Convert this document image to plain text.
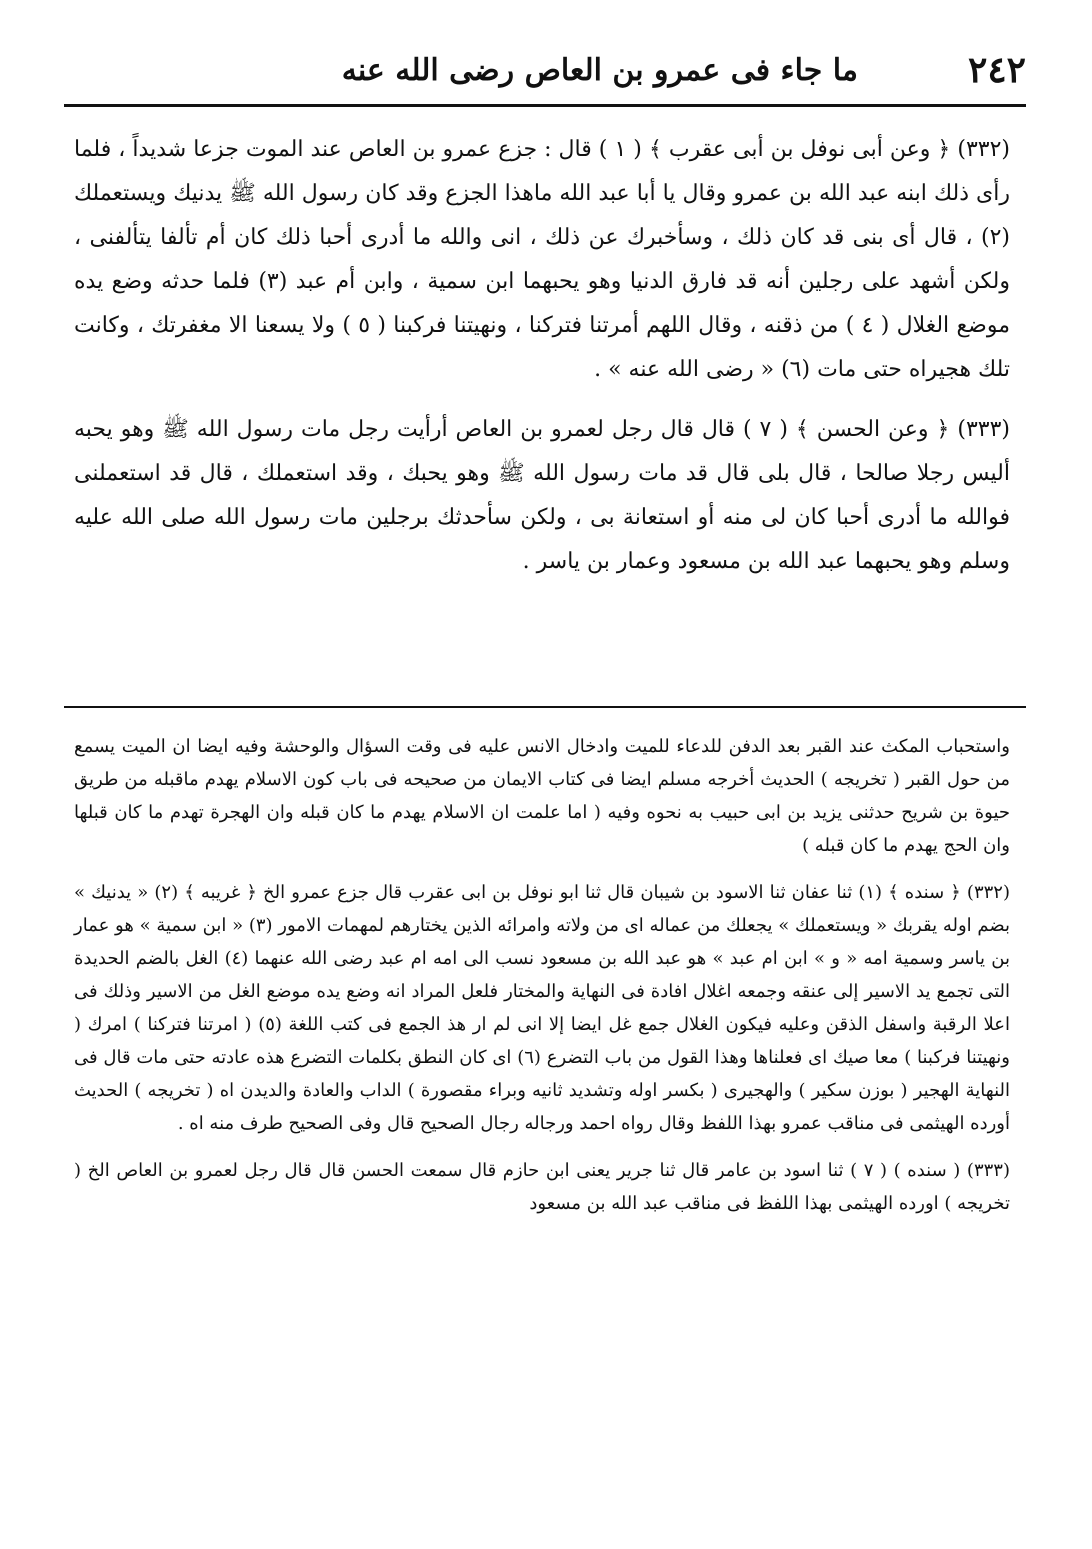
٢٤٢
ما جاء فى عمرو بن العاص رضى الله عنه

(٣٣٢) ﴿ وعن أبى نوفل بن أبى عقرب ﴾ ( ١ ) قال : جزع عمرو بن العاص عند الموت جزعا شديداً ، فلما رأى ذلك ابنه عبد الله بن عمرو وقال يا أبا عبد الله ماهذا الجزع وقد كان رسول الله ﷺ يدنيك ويستعملك (٢) ، قال أى بنى قد كان ذلك ، وسأخبرك عن ذلك ، انى والله ما أدرى أحبا ذلك كان أم تألفا يتألفنى ، ولكن أشهد على رجلين أنه قد فارق الدنيا وهو يحبهما ابن سمية ، وابن أم عبد (٣) فلما حدثه وضع يده موضع الغلال ( ٤ ) من ذقنه ، وقال اللهم أمرتنا فتركنا ، ونهيتنا فركبنا ( ٥ ) ولا يسعنا الا مغفرتك ، وكانت تلك هجيراه حتى مات (٦) « رضى الله عنه » .

(٣٣٣) ﴿ وعن الحسن ﴾ ( ٧ ) قال قال رجل لعمرو بن العاص أرأيت رجل مات رسول الله ﷺ وهو يحبه أليس رجلا صالحا ، قال بلى قال قد مات رسول الله ﷺ وهو يحبك ، وقد استعملك ، قال قد استعملنى فوالله ما أدرى أحبا كان لى منه أو استعانة بى ، ولكن سأحدثك برجلين مات رسول الله صلى الله عليه وسلم وهو يحبهما عبد الله بن مسعود وعمار بن ياسر .

واستحباب المكث عند القبر بعد الدفن للدعاء للميت وادخال الانس عليه فى وقت السؤال والوحشة وفيه ايضا ان الميت يسمع من حول القبر ( تخريجه ) الحديث أخرجه مسلم ايضا فى كتاب الايمان من صحيحه فى باب كون الاسلام يهدم ماقبله من طريق حيوة بن شريح حدثنى يزيد بن ابى حبيب به نحوه وفيه ( اما علمت ان الاسلام يهدم ما كان قبله وان الهجرة تهدم ما كان قبلها وان الحج يهدم ما كان قبله )

(٣٣٢) ﴿ سنده ﴾ (١) ثنا عفان ثنا الاسود بن شيبان قال ثنا ابو نوفل بن ابى عقرب قال جزع عمرو الخ ﴿ غريبه ﴾ (٢) « يدنيك » بضم اوله يقربك « ويستعملك » يجعلك من عماله اى من ولاته وامرائه الذين يختارهم لمهمات الامور (٣) « ابن سمية » هو عمار بن ياسر وسمية امه « و » ابن ام عبد » هو عبد الله بن مسعود نسب الى امه ام عبد رضى الله عنهما (٤) الغل بالضم الحديدة التى تجمع يد الاسير إلى عنقه وجمعه اغلال افادة فى النهاية والمختار فلعل المراد انه وضع يده موضع الغل من الاسير وذلك فى اعلا الرقبة واسفل الذقن وعليه فيكون الغلال جمع غل ايضا إلا انى لم ار هذ الجمع فى كتب اللغة (٥) ( امرتنا فتركنا ) امرك ( ونهيتنا فركبنا ) معا صيك اى فعلناها وهذا القول من باب التضرع (٦) اى كان النطق بكلمات التضرع هذه عادته حتى مات قال فى النهاية الهجير ( بوزن سكير ) والهجيرى ( بكسر اوله وتشديد ثانيه وبراء مقصورة ) الداب والعادة والديدن اه ( تخريجه ) الحديث أورده الهيثمى فى مناقب عمرو بهذا اللفظ وقال رواه احمد ورجاله رجال الصحيح قال وفى الصحيح طرف منه اه .

(٣٣٣) ( سنده ) ( ٧ ) ثنا اسود بن عامر قال ثنا جرير يعنى ابن حازم قال سمعت الحسن قال قال رجل لعمرو بن العاص الخ ( تخريجه ) اورده الهيثمى بهذا اللفظ فى مناقب عبد الله بن مسعود
